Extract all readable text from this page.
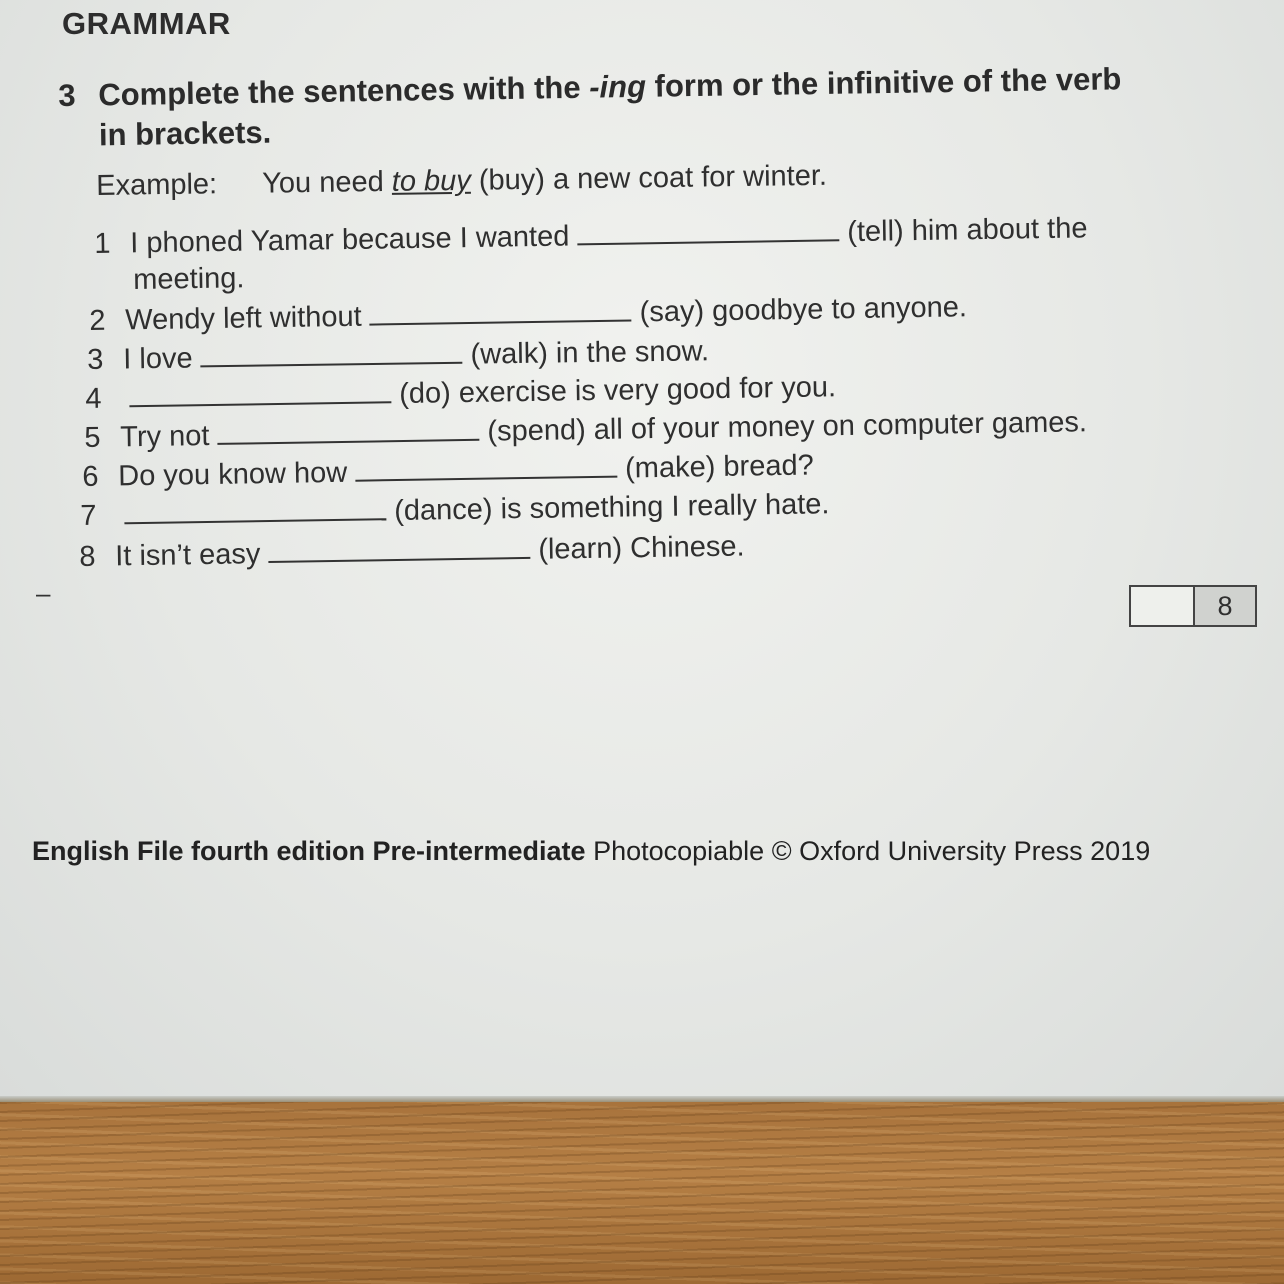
GRAMMAR
3 Complete the sentences with the -ing form or the infinitive of the verb
in brackets.
Example: You need to buy (buy) a new coat for winter.
1 I phoned Yamar because I wanted	(tell) him about the
meeting.
2 Wendy left without	(say) goodbye to anyone.
3 I love	(walk) in the snow.
4	(do) exercise is very good for you.
5 Try not	(spend) all of your money on computer games.
6 Do you know how	(make) bread?
7	(dance) is something I really hate.
8 It isn’t easy	(learn) Chinese.
–	8
English File fourth edition Pre-intermediate Photocopiable © Oxford University Press 2019
